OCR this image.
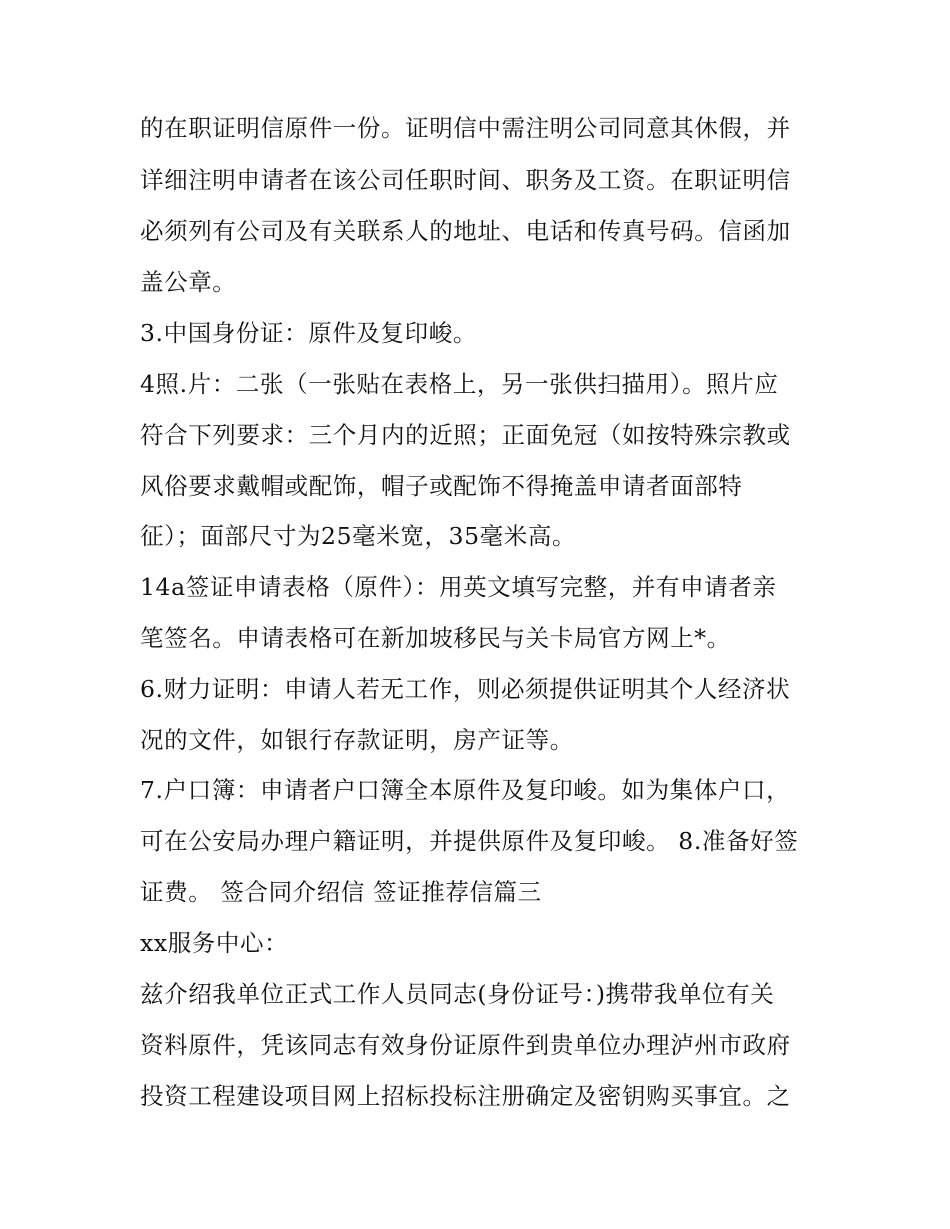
的在职证明信原件一份。证明信中需注明公司同意其休假，并
详细注明申请者在该公司任职时间、职务及工资。在职证明信
必须列有公司及有关联系人的地址、电话和传真号码。信函加
盖公章。
3.中国身份证：原件及复印峻。
4照.片：二张（一张贴在表格上，另一张供扫描用）。照片应
符合下列要求：三个月内的近照；正面免冠（如按特殊宗教或
风俗要求戴帽或配饰，帽子或配饰不得掩盖申请者面部特
征）；面部尺寸为25毫米宽，35毫米高。
14a签证申请表格（原件）：用英文填写完整，并有申请者亲
笔签名。申请表格可在新加坡移民与关卡局官方网上*。
6.财力证明：申请人若无工作，则必须提供证明其个人经济状
况的文件，如银行存款证明，房产证等。
7.户口簿：申请者户口簿全本原件及复印峻。如为集体户口，
可在公安局办理户籍证明，并提供原件及复印峻。 8.准备好签
证费。 签合同介绍信 签证推荐信篇三
xx服务中心：
兹介绍我单位正式工作人员同志(身份证号：)携带我单位有关
资料原件，凭该同志有效身份证原件到贵单位办理泸州市政府
投资工程建设项目网上招标投标注册确定及密钥购买事宜。之
